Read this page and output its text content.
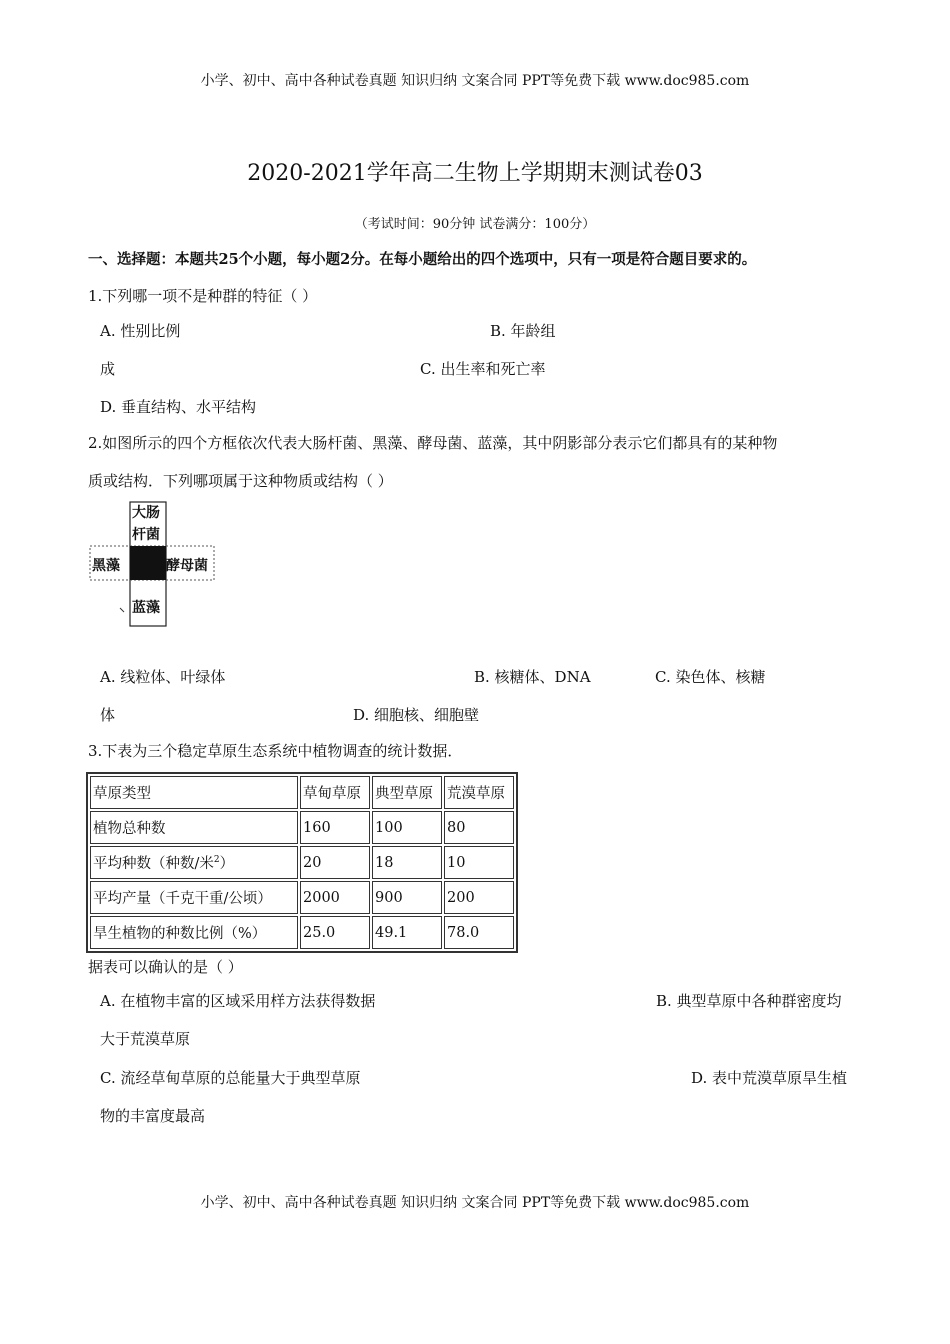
小学、初中、高中各种试卷真题 知识归纳 文案合同 PPT等免费下载 www.doc985.com
2020-2021学年高二生物上学期期末测试卷03
（考试时间：90分钟 试卷满分：100分）
一、选择题：本题共25个小题，每小题2分。在每小题给出的四个选项中，只有一项是符合题目要求的。
1.下列哪一项不是种群的特征（ ）
A. 性别比例	B. 年龄组
成	C. 出生率和死亡率
D. 垂直结构、水平结构
2.如图所示的四个方框依次代表大肠杆菌、黑藻、酵母菌、蓝藻，其中阴影部分表示它们都具有的某种物
质或结构．下列哪项属于这种物质或结构（ ）
大肠
杆菌
黑藻	酵母菌
蓝藻
A. 线粒体、叶绿体	B. 核糖体、DNA	C. 染色体、核糖
体	D. 细胞核、细胞壁
3.下表为三个稳定草原生态系统中植物调查的统计数据．
草原类型	草甸草原	典型草原	荒漠草原
植物总种数	160	100	80
平均种数（种数/米$^2$）	20	18	10
平均产量（千克干重/公顷）	2000	900	200
旱生植物的种数比例（%）	25.0	49.1	78.0
据表可以确认的是（ ）
A. 在植物丰富的区域采用样方法获得数据	B. 典型草原中各种群密度均
大于荒漠草原
C. 流经草甸草原的总能量大于典型草原	D. 表中荒漠草原旱生植
物的丰富度最高
小学、初中、高中各种试卷真题 知识归纳 文案合同 PPT等免费下载 www.doc985.com
